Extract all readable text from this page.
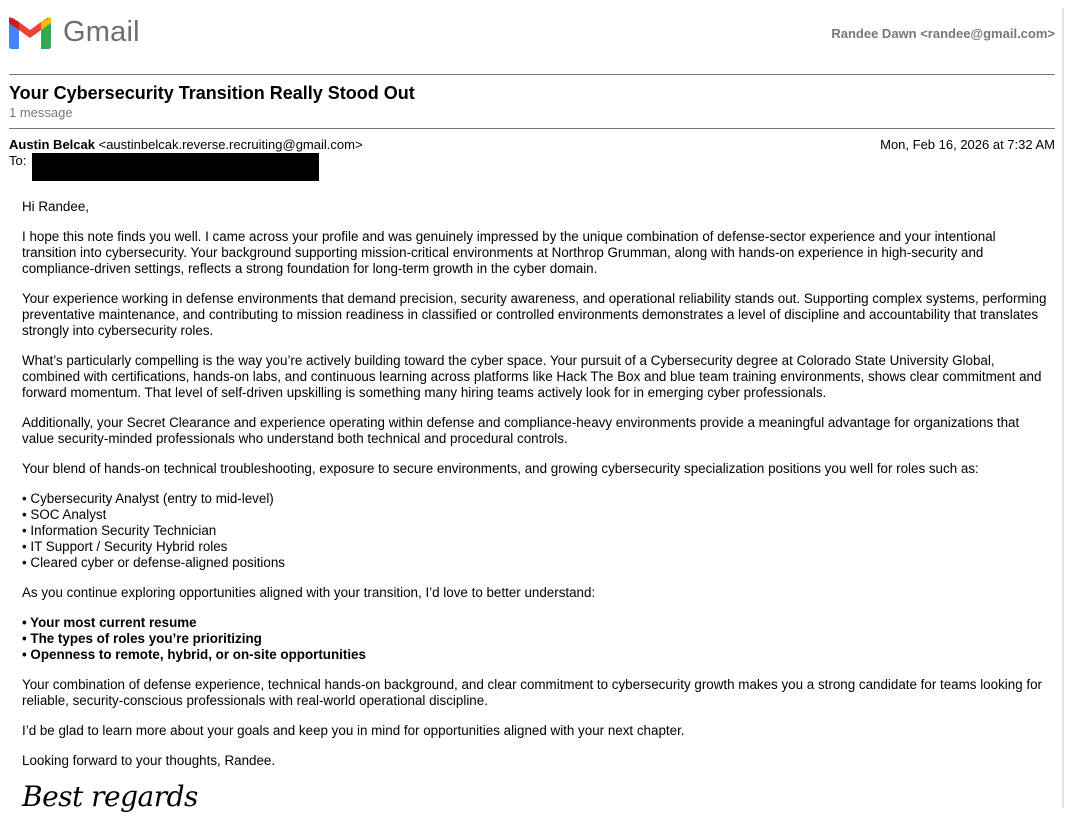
Gmail	Randee Dawn <randee@gmail.com>
Your Cybersecurity Transition Really Stood Out
1 message
Austin Belcak <austinbelcak.reverse.recruiting@gmail.com>	Mon, Feb 16, 2026 at 7:32 AM
To:

Hi Randee,

I hope this note finds you well. I came across your profile and was genuinely impressed by the unique combination of defense-sector experience and your intentional transition into cybersecurity. Your background supporting mission-critical environments at Northrop Grumman, along with hands-on experience in high-security and compliance-driven settings, reflects a strong foundation for long-term growth in the cyber domain.

Your experience working in defense environments that demand precision, security awareness, and operational reliability stands out. Supporting complex systems, performing preventative maintenance, and contributing to mission readiness in classified or controlled environments demonstrates a level of discipline and accountability that translates strongly into cybersecurity roles.

What’s particularly compelling is the way you’re actively building toward the cyber space. Your pursuit of a Cybersecurity degree at Colorado State University Global, combined with certifications, hands-on labs, and continuous learning across platforms like Hack The Box and blue team training environments, shows clear commitment and forward momentum. That level of self-driven upskilling is something many hiring teams actively look for in emerging cyber professionals.

Additionally, your Secret Clearance and experience operating within defense and compliance-heavy environments provide a meaningful advantage for organizations that value security-minded professionals who understand both technical and procedural controls.

Your blend of hands-on technical troubleshooting, exposure to secure environments, and growing cybersecurity specialization positions you well for roles such as:

• Cybersecurity Analyst (entry to mid-level)
• SOC Analyst
• Information Security Technician
• IT Support / Security Hybrid roles
• Cleared cyber or defense-aligned positions

As you continue exploring opportunities aligned with your transition, I’d love to better understand:

• Your most current resume
• The types of roles you’re prioritizing
• Openness to remote, hybrid, or on-site opportunities

Your combination of defense experience, technical hands-on background, and clear commitment to cybersecurity growth makes you a strong candidate for teams looking for reliable, security-conscious professionals with real-world operational discipline.

I’d be glad to learn more about your goals and keep you in mind for opportunities aligned with your next chapter.

Looking forward to your thoughts, Randee.

Best regards
